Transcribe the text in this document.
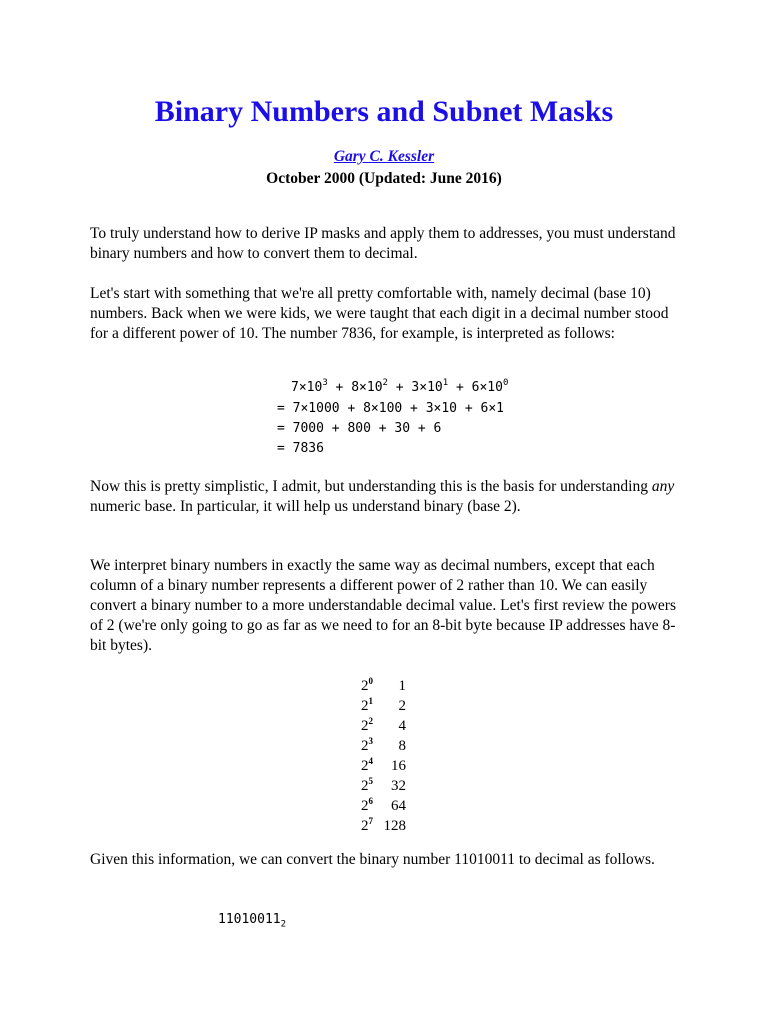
Binary Numbers and Subnet Masks
Gary C. Kessler
October 2000 (Updated: June 2016)

To truly understand how to derive IP masks and apply them to addresses, you must understand binary numbers and how to convert them to decimal.

Let's start with something that we're all pretty comfortable with, namely decimal (base 10) numbers. Back when we were kids, we were taught that each digit in a decimal number stood for a different power of 10. The number 7836, for example, is interpreted as follows:

$7\times 10^3 + 8\times 10^2 + 3\times 10^1 + 6\times 10^0$
= 7×1000 + 8×100 + 3×10 + 6×1
= 7000 + 800 + 30 + 6
= 7836

Now this is pretty simplistic, I admit, but understanding this is the basis for understanding any numeric base. In particular, it will help us understand binary (base 2).

We interpret binary numbers in exactly the same way as decimal numbers, except that each column of a binary number represents a different power of 2 rather than 10. We can easily convert a binary number to a more understandable decimal value. Let's first review the powers of 2 (we're only going to go as far as we need to for an 8-bit byte because IP addresses have 8-bit bytes).

$2^0$ 1
$2^1$ 2
$2^2$ 4
$2^3$ 8
$2^4$ 16
$2^5$ 32
$2^6$ 64
$2^7$ 128

Given this information, we can convert the binary number 11010011 to decimal as follows.

$11010011_2$
